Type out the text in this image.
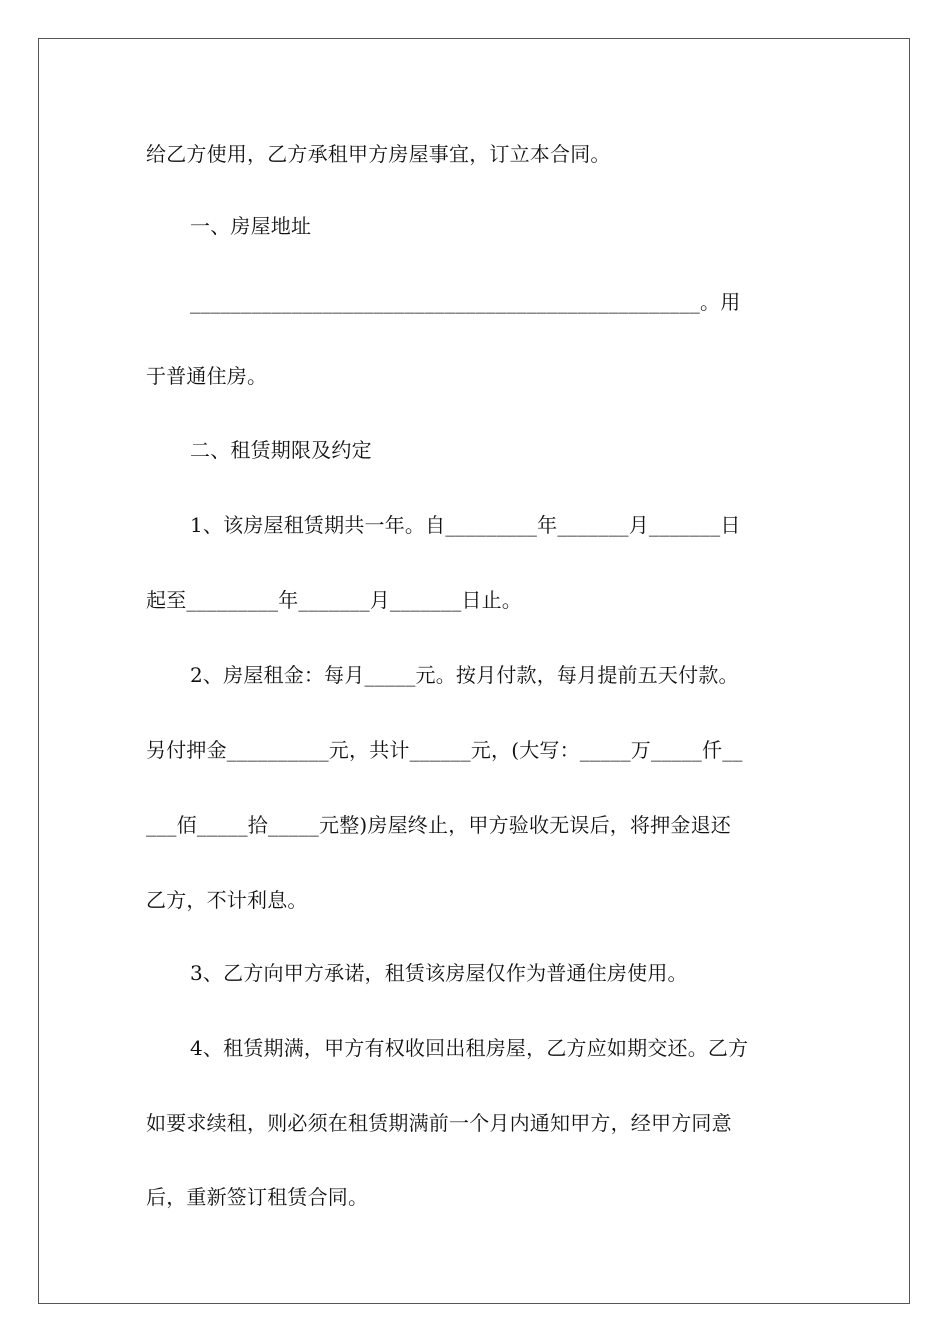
给乙方使用，乙方承租甲方房屋事宜，订立本合同。
一、房屋地址
__________________________________________________。用
于普通住房。
二、租赁期限及约定
1、该房屋租赁期共一年。自_________年_______月_______日
起至_________年_______月_______日止。
2、房屋租金：每月_____元。按月付款，每月提前五天付款。
另付押金__________元，共计______元，(大写：_____万_____仟__
___佰_____拾_____元整)房屋终止，甲方验收无误后，将押金退还
乙方，不计利息。
3、乙方向甲方承诺，租赁该房屋仅作为普通住房使用。
4、租赁期满，甲方有权收回出租房屋，乙方应如期交还。乙方
如要求续租，则必须在租赁期满前一个月内通知甲方，经甲方同意
后，重新签订租赁合同。
